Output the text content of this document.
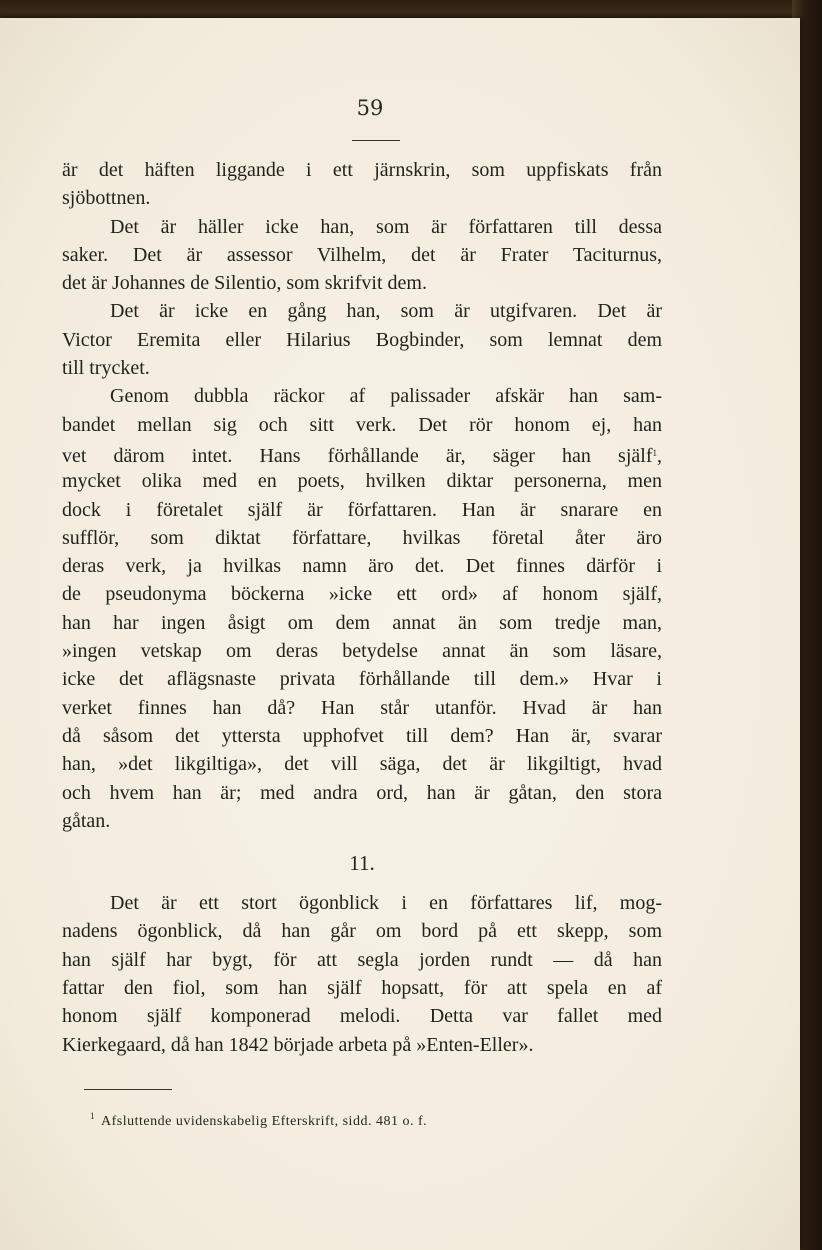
59
är det häften liggande i ett järnskrin, som uppfiskats från
sjöbottnen.
Det är häller icke han, som är författaren till dessa
saker. Det är assessor Vilhelm, det är Frater Taciturnus,
det är Johannes de Silentio, som skrifvit dem.
Det är icke en gång han, som är utgifvaren. Det är
Victor Eremita eller Hilarius Bogbinder, som lemnat dem
till trycket.
Genom dubbla räckor af palissader afskär han sam-
bandet mellan sig och sitt verk. Det rör honom ej, han
vet därom intet. Hans förhållande är, säger han själf$^1$,
mycket olika med en poets, hvilken diktar personerna, men
dock i företalet själf är författaren. Han är snarare en
sufflör, som diktat författare, hvilkas företal åter äro
deras verk, ja hvilkas namn äro det. Det finnes därför i
de pseudonyma böckerna »icke ett ord» af honom själf,
han har ingen åsigt om dem annat än som tredje man,
»ingen vetskap om deras betydelse annat än som läsare,
icke det aflägsnaste privata förhållande till dem.» Hvar i
verket finnes han då? Han står utanför. Hvad är han
då såsom det yttersta upphofvet till dem? Han är, svarar
han, »det likgiltiga», det vill säga, det är likgiltigt, hvad
och hvem han är; med andra ord, han är gåtan, den stora
gåtan.
11.
Det är ett stort ögonblick i en författares lif, mog-
nadens ögonblick, då han går om bord på ett skepp, som
han själf har bygt, för att segla jorden rundt — då han
fattar den fiol, som han själf hopsatt, för att spela en af
honom själf komponerad melodi. Detta var fallet med
Kierkegaard, då han 1842 började arbeta på »Enten-Eller».
$^1$ Afsluttende uvidenskabelig Efterskrift, sidd. 481 o. f.
